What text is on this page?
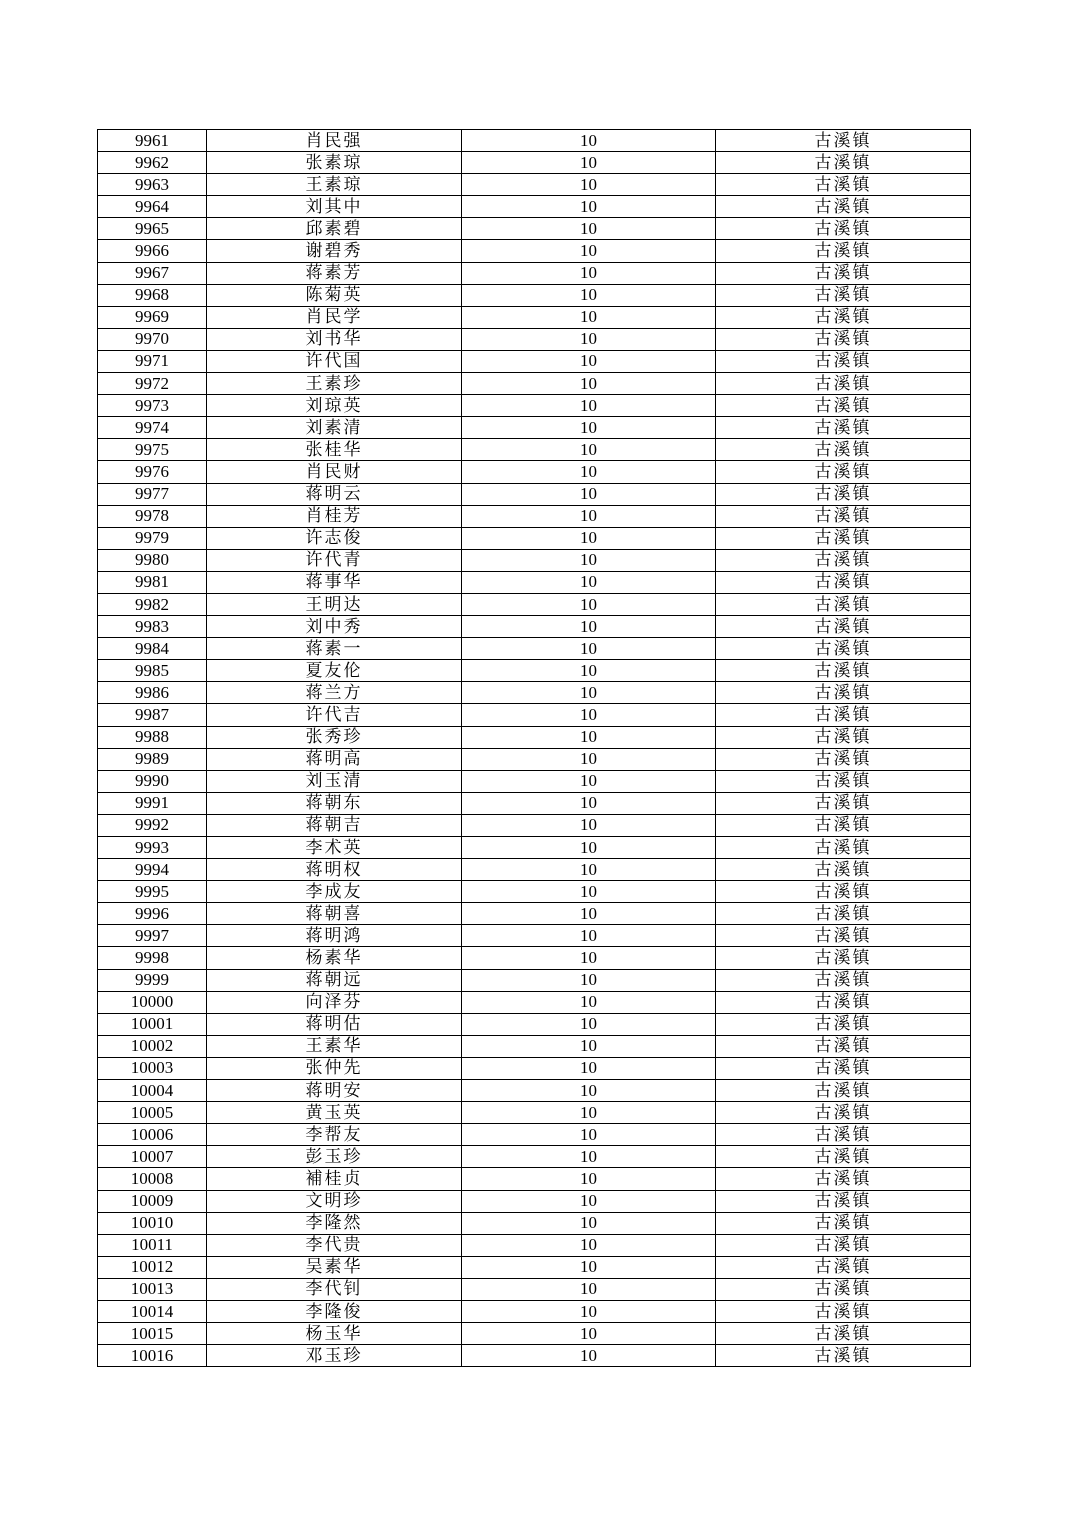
9961	肖民强	10	古溪镇
9962	张素琼	10	古溪镇
9963	王素琼	10	古溪镇
9964	刘其中	10	古溪镇
9965	邱素碧	10	古溪镇
9966	谢碧秀	10	古溪镇
9967	蒋素芳	10	古溪镇
9968	陈菊英	10	古溪镇
9969	肖民学	10	古溪镇
9970	刘书华	10	古溪镇
9971	许代国	10	古溪镇
9972	王素珍	10	古溪镇
9973	刘琼英	10	古溪镇
9974	刘素清	10	古溪镇
9975	张桂华	10	古溪镇
9976	肖民财	10	古溪镇
9977	蒋明云	10	古溪镇
9978	肖桂芳	10	古溪镇
9979	许志俊	10	古溪镇
9980	许代青	10	古溪镇
9981	蒋事华	10	古溪镇
9982	王明达	10	古溪镇
9983	刘中秀	10	古溪镇
9984	蒋素一	10	古溪镇
9985	夏友伦	10	古溪镇
9986	蒋兰方	10	古溪镇
9987	许代吉	10	古溪镇
9988	张秀珍	10	古溪镇
9989	蒋明高	10	古溪镇
9990	刘玉清	10	古溪镇
9991	蒋朝东	10	古溪镇
9992	蒋朝吉	10	古溪镇
9993	李术英	10	古溪镇
9994	蒋明权	10	古溪镇
9995	李成友	10	古溪镇
9996	蒋朝喜	10	古溪镇
9997	蒋明鸿	10	古溪镇
9998	杨素华	10	古溪镇
9999	蒋朝远	10	古溪镇
10000	向泽芬	10	古溪镇
10001	蒋明估	10	古溪镇
10002	王素华	10	古溪镇
10003	张仲先	10	古溪镇
10004	蒋明安	10	古溪镇
10005	黄玉英	10	古溪镇
10006	李帮友	10	古溪镇
10007	彭玉珍	10	古溪镇
10008	補桂贞	10	古溪镇
10009	文明珍	10	古溪镇
10010	李隆然	10	古溪镇
10011	李代贵	10	古溪镇
10012	吴素华	10	古溪镇
10013	李代钊	10	古溪镇
10014	李隆俊	10	古溪镇
10015	杨玉华	10	古溪镇
10016	邓玉珍	10	古溪镇
